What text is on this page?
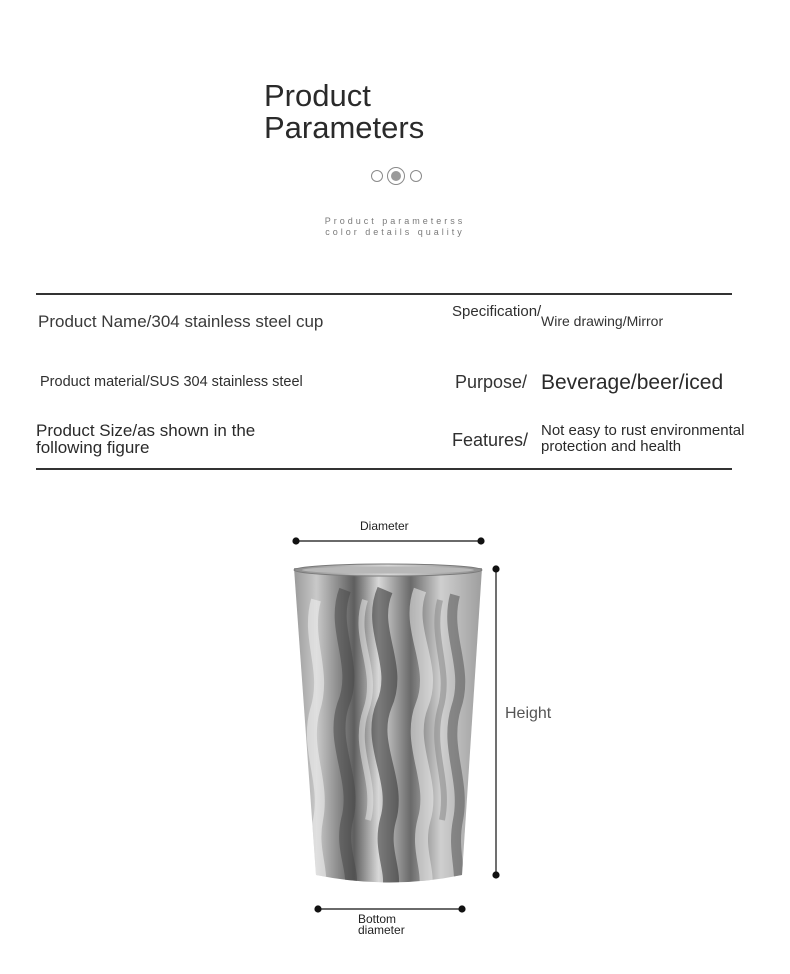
Product Parameters
Product parameterss
color details quality
Product Name/304 stainless steel cup
Specification/
Wire drawing/Mirror
Product material/SUS 304 stainless steel	Purpose/ Beverage/beer/iced
Product Size/as shown in the following figure	Features/ Not easy to rust environmental protection and health
Diameter
Height
Bottom
diameter
